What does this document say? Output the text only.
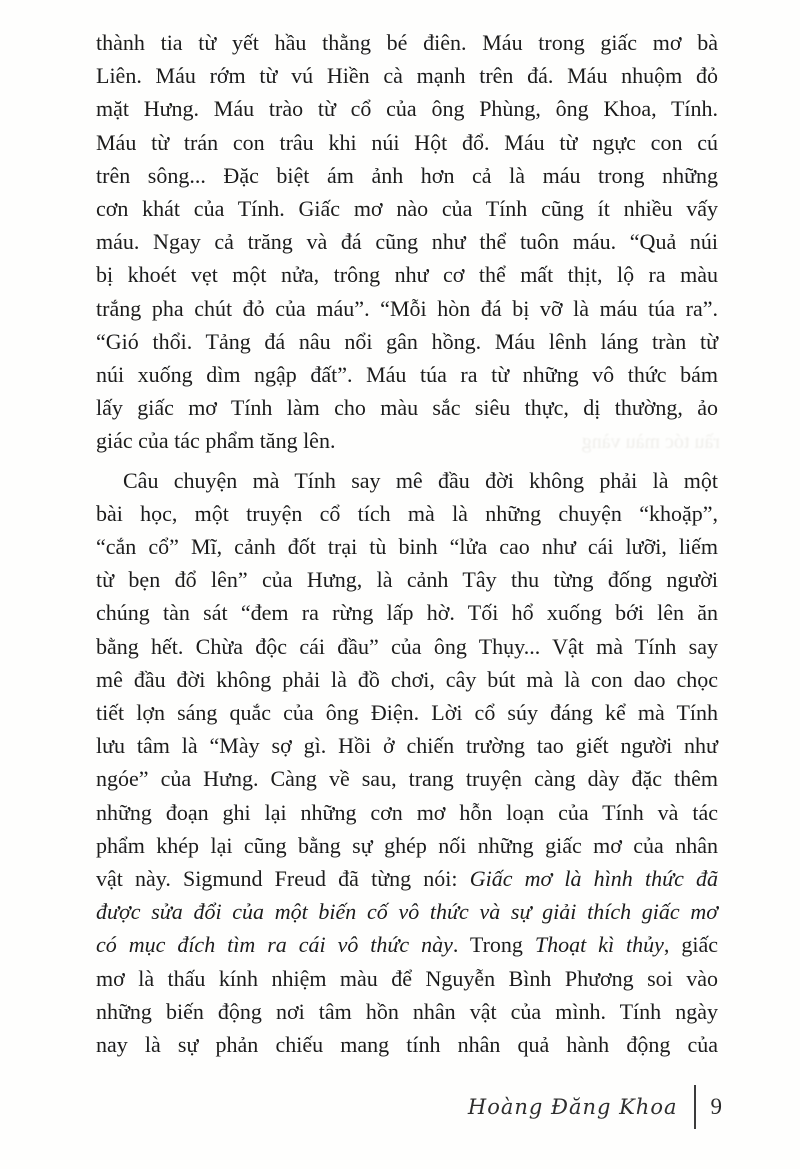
thành tia từ yết hầu thằng bé điên. Máu trong giấc mơ bà
Liên. Máu rớm từ vú Hiền cà mạnh trên đá. Máu nhuộm đỏ
mặt Hưng. Máu trào từ cổ của ông Phùng, ông Khoa, Tính.
Máu từ trán con trâu khi núi Hột đổ. Máu từ ngực con cú
trên sông... Đặc biệt ám ảnh hơn cả là máu trong những
cơn khát của Tính. Giấc mơ nào của Tính cũng ít nhiều vấy
máu. Ngay cả trăng và đá cũng như thể tuôn máu. “Quả núi
bị khoét vẹt một nửa, trông như cơ thể mất thịt, lộ ra màu
trắng pha chút đỏ của máu”. “Mỗi hòn đá bị vỡ là máu túa ra”.
“Gió thổi. Tảng đá nâu nổi gân hồng. Máu lênh láng tràn từ
núi xuống dìm ngập đất”. Máu túa ra từ những vô thức bám
lấy giấc mơ Tính làm cho màu sắc siêu thực, dị thường, ảo
giác của tác phẩm tăng lên.
Câu chuyện mà Tính say mê đầu đời không phải là một
bài học, một truyện cổ tích mà là những chuyện “khoặp”,
“cắn cổ” Mĩ, cảnh đốt trại tù binh “lửa cao như cái lưỡi, liếm
từ bẹn đổ lên” của Hưng, là cảnh Tây thu từng đống người
chúng tàn sát “đem ra rừng lấp hờ. Tối hổ xuống bới lên ăn
bằng hết. Chừa độc cái đầu” của ông Thụy... Vật mà Tính say
mê đầu đời không phải là đồ chơi, cây bút mà là con dao chọc
tiết lợn sáng quắc của ông Điện. Lời cổ súy đáng kể mà Tính
lưu tâm là “Mày sợ gì. Hồi ở chiến trường tao giết người như
ngóe” của Hưng. Càng về sau, trang truyện càng dày đặc thêm
những đoạn ghi lại những cơn mơ hỗn loạn của Tính và tác
phẩm khép lại cũng bằng sự ghép nối những giấc mơ của nhân
vật này. Sigmund Freud đã từng nói: Giấc mơ là hình thức đã
được sửa đổi của một biến cố vô thức và sự giải thích giấc mơ
có mục đích tìm ra cái vô thức này. Trong Thoạt kì thủy, giấc
mơ là thấu kính nhiệm màu để Nguyễn Bình Phương soi vào
những biến động nơi tâm hồn nhân vật của mình. Tính ngày
nay là sự phản chiếu mang tính nhân quả hành động của
rầu tóc màu vàng
Hoàng Đăng Khoa 9
